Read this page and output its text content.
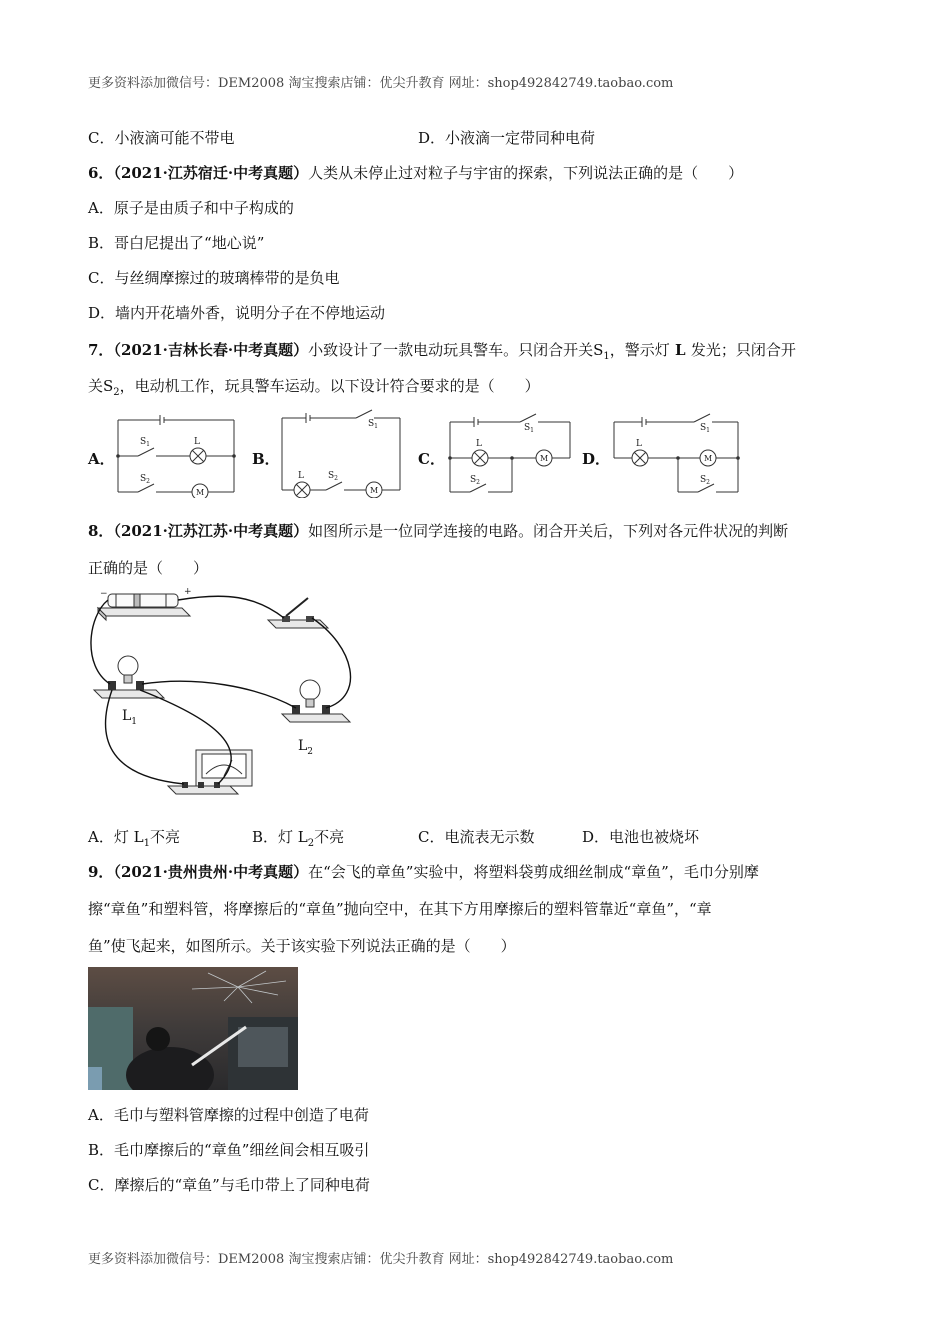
更多资料添加微信号：DEM2008 淘宝搜索店铺：优尖升教育 网址：shop492842749.taobao.com
C．小液滴可能不带电	D．小液滴一定带同种电荷
6．（2021·江苏宿迁·中考真题）人类从未停止过对粒子与宇宙的探索，下列说法正确的是（　　）
A．原子是由质子和中子构成的
B．哥白尼提出了“地心说”
C．与丝绸摩擦过的玻璃棒带的是负电
D．墙内开花墙外香，说明分子在不停地运动
7．（2021·吉林长春·中考真题）小致设计了一款电动玩具警车。只闭合开关$S_1$，警示灯 L 发光；只闭合开
关$S_2$，电动机工作，玩具警车运动。以下设计符合要求的是（　　）
A．	B．	C．	D．
$S_1$	L
$S_2$
M
$S_1$
L	$S_2$
M
$S_1$
L
$S_2$
M
$S_1$
L
$S_2$
M
8．（2021·江苏江苏·中考真题）如图所示是一位同学连接的电路。闭合开关后，下列对各元件状况的判断
正确的是（　　）
−	+
$L_1$
$L_2$
A．灯 $L_1$不亮	B．灯 $L_2$不亮	C．电流表无示数	D．电池也被烧坏
9．（2021·贵州贵州·中考真题）在“会飞的章鱼”实验中，将塑料袋剪成细丝制成“章鱼”，毛巾分别摩
擦“章鱼”和塑料管，将摩擦后的“章鱼”抛向空中，在其下方用摩擦后的塑料管靠近“章鱼”，“章
鱼”使飞起来，如图所示。关于该实验下列说法正确的是（　　）
A．毛巾与塑料管摩擦的过程中创造了电荷
B．毛巾摩擦后的“章鱼”细丝间会相互吸引
C．摩擦后的“章鱼”与毛巾带上了同种电荷
更多资料添加微信号：DEM2008 淘宝搜索店铺：优尖升教育 网址：shop492842749.taobao.com
